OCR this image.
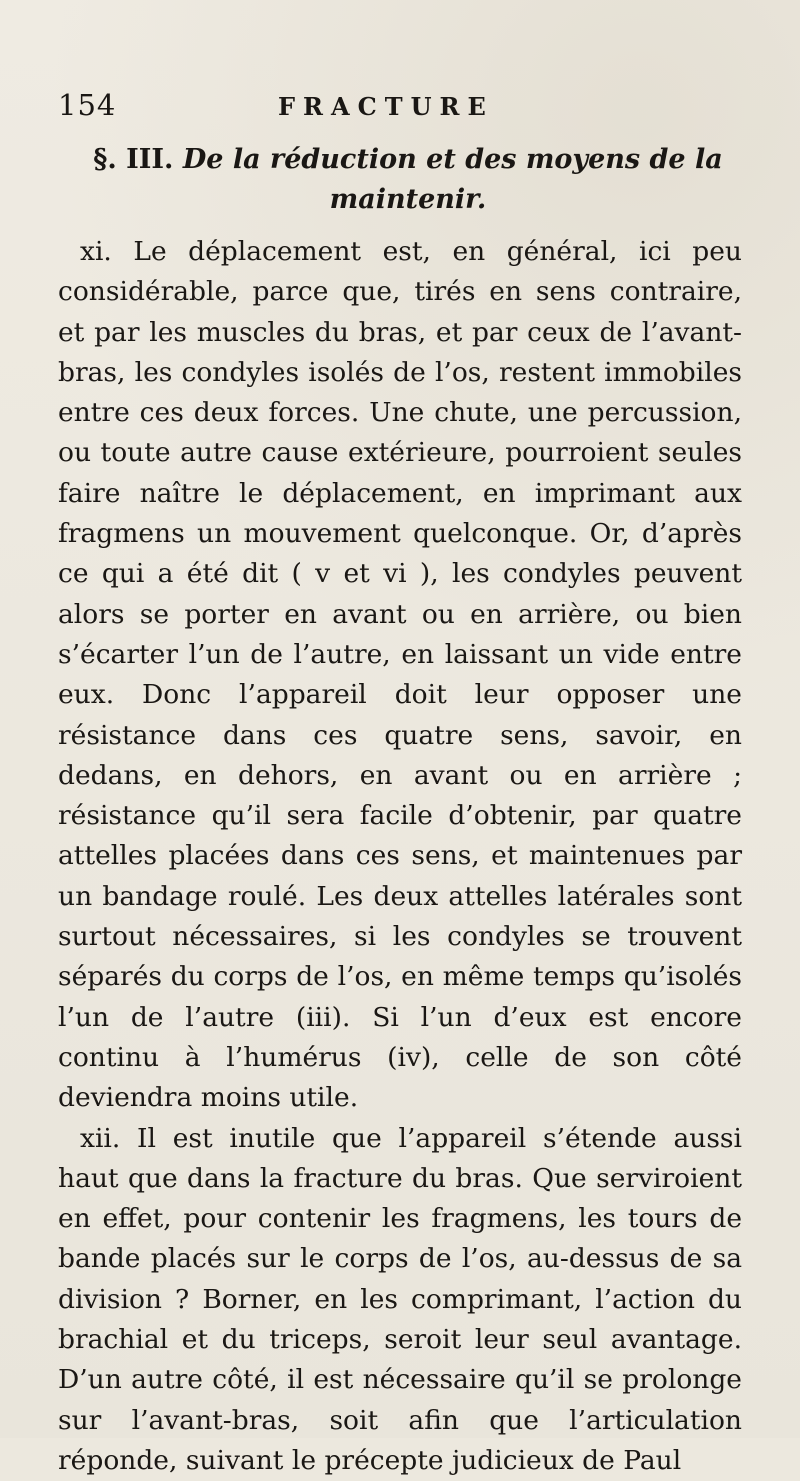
154	FRACTURE
§. III. De la réduction et des moyens de la maintenir.

xi. Le déplacement est, en général, ici peu considérable, parce que, tirés en sens contraire, et par les muscles du bras, et par ceux de l’avant-bras, les condyles isolés de l’os, restent immobiles entre ces deux forces. Une chute, une percussion, ou toute autre cause extérieure, pourroient seules faire naître le déplacement, en imprimant aux fragmens un mouvement quelconque. Or, d’après ce qui a été dit ( v et vi ), les condyles peuvent alors se porter en avant ou en arrière, ou bien s’écarter l’un de l’autre, en laissant un vide entre eux. Donc l’appareil doit leur opposer une résistance dans ces quatre sens, savoir, en dedans, en dehors, en avant ou en arrière ; résistance qu’il sera facile d’obtenir, par quatre attelles placées dans ces sens, et maintenues par un bandage roulé. Les deux attelles latérales sont surtout nécessaires, si les condyles se trouvent séparés du corps de l’os, en même temps qu’isolés l’un de l’autre (iii). Si l’un d’eux est encore continu à l’humérus (iv), celle de son côté deviendra moins utile.

xii. Il est inutile que l’appareil s’étende aussi haut que dans la fracture du bras. Que serviroient en effet, pour contenir les fragmens, les tours de bande placés sur le corps de l’os, au-dessus de sa division ? Borner, en les comprimant, l’action du brachial et du triceps, seroit leur seul avantage. D’un autre côté, il est nécessaire qu’il se prolonge sur l’avant-bras, soit afin que l’articulation réponde, suivant le précepte judicieux de Paul
